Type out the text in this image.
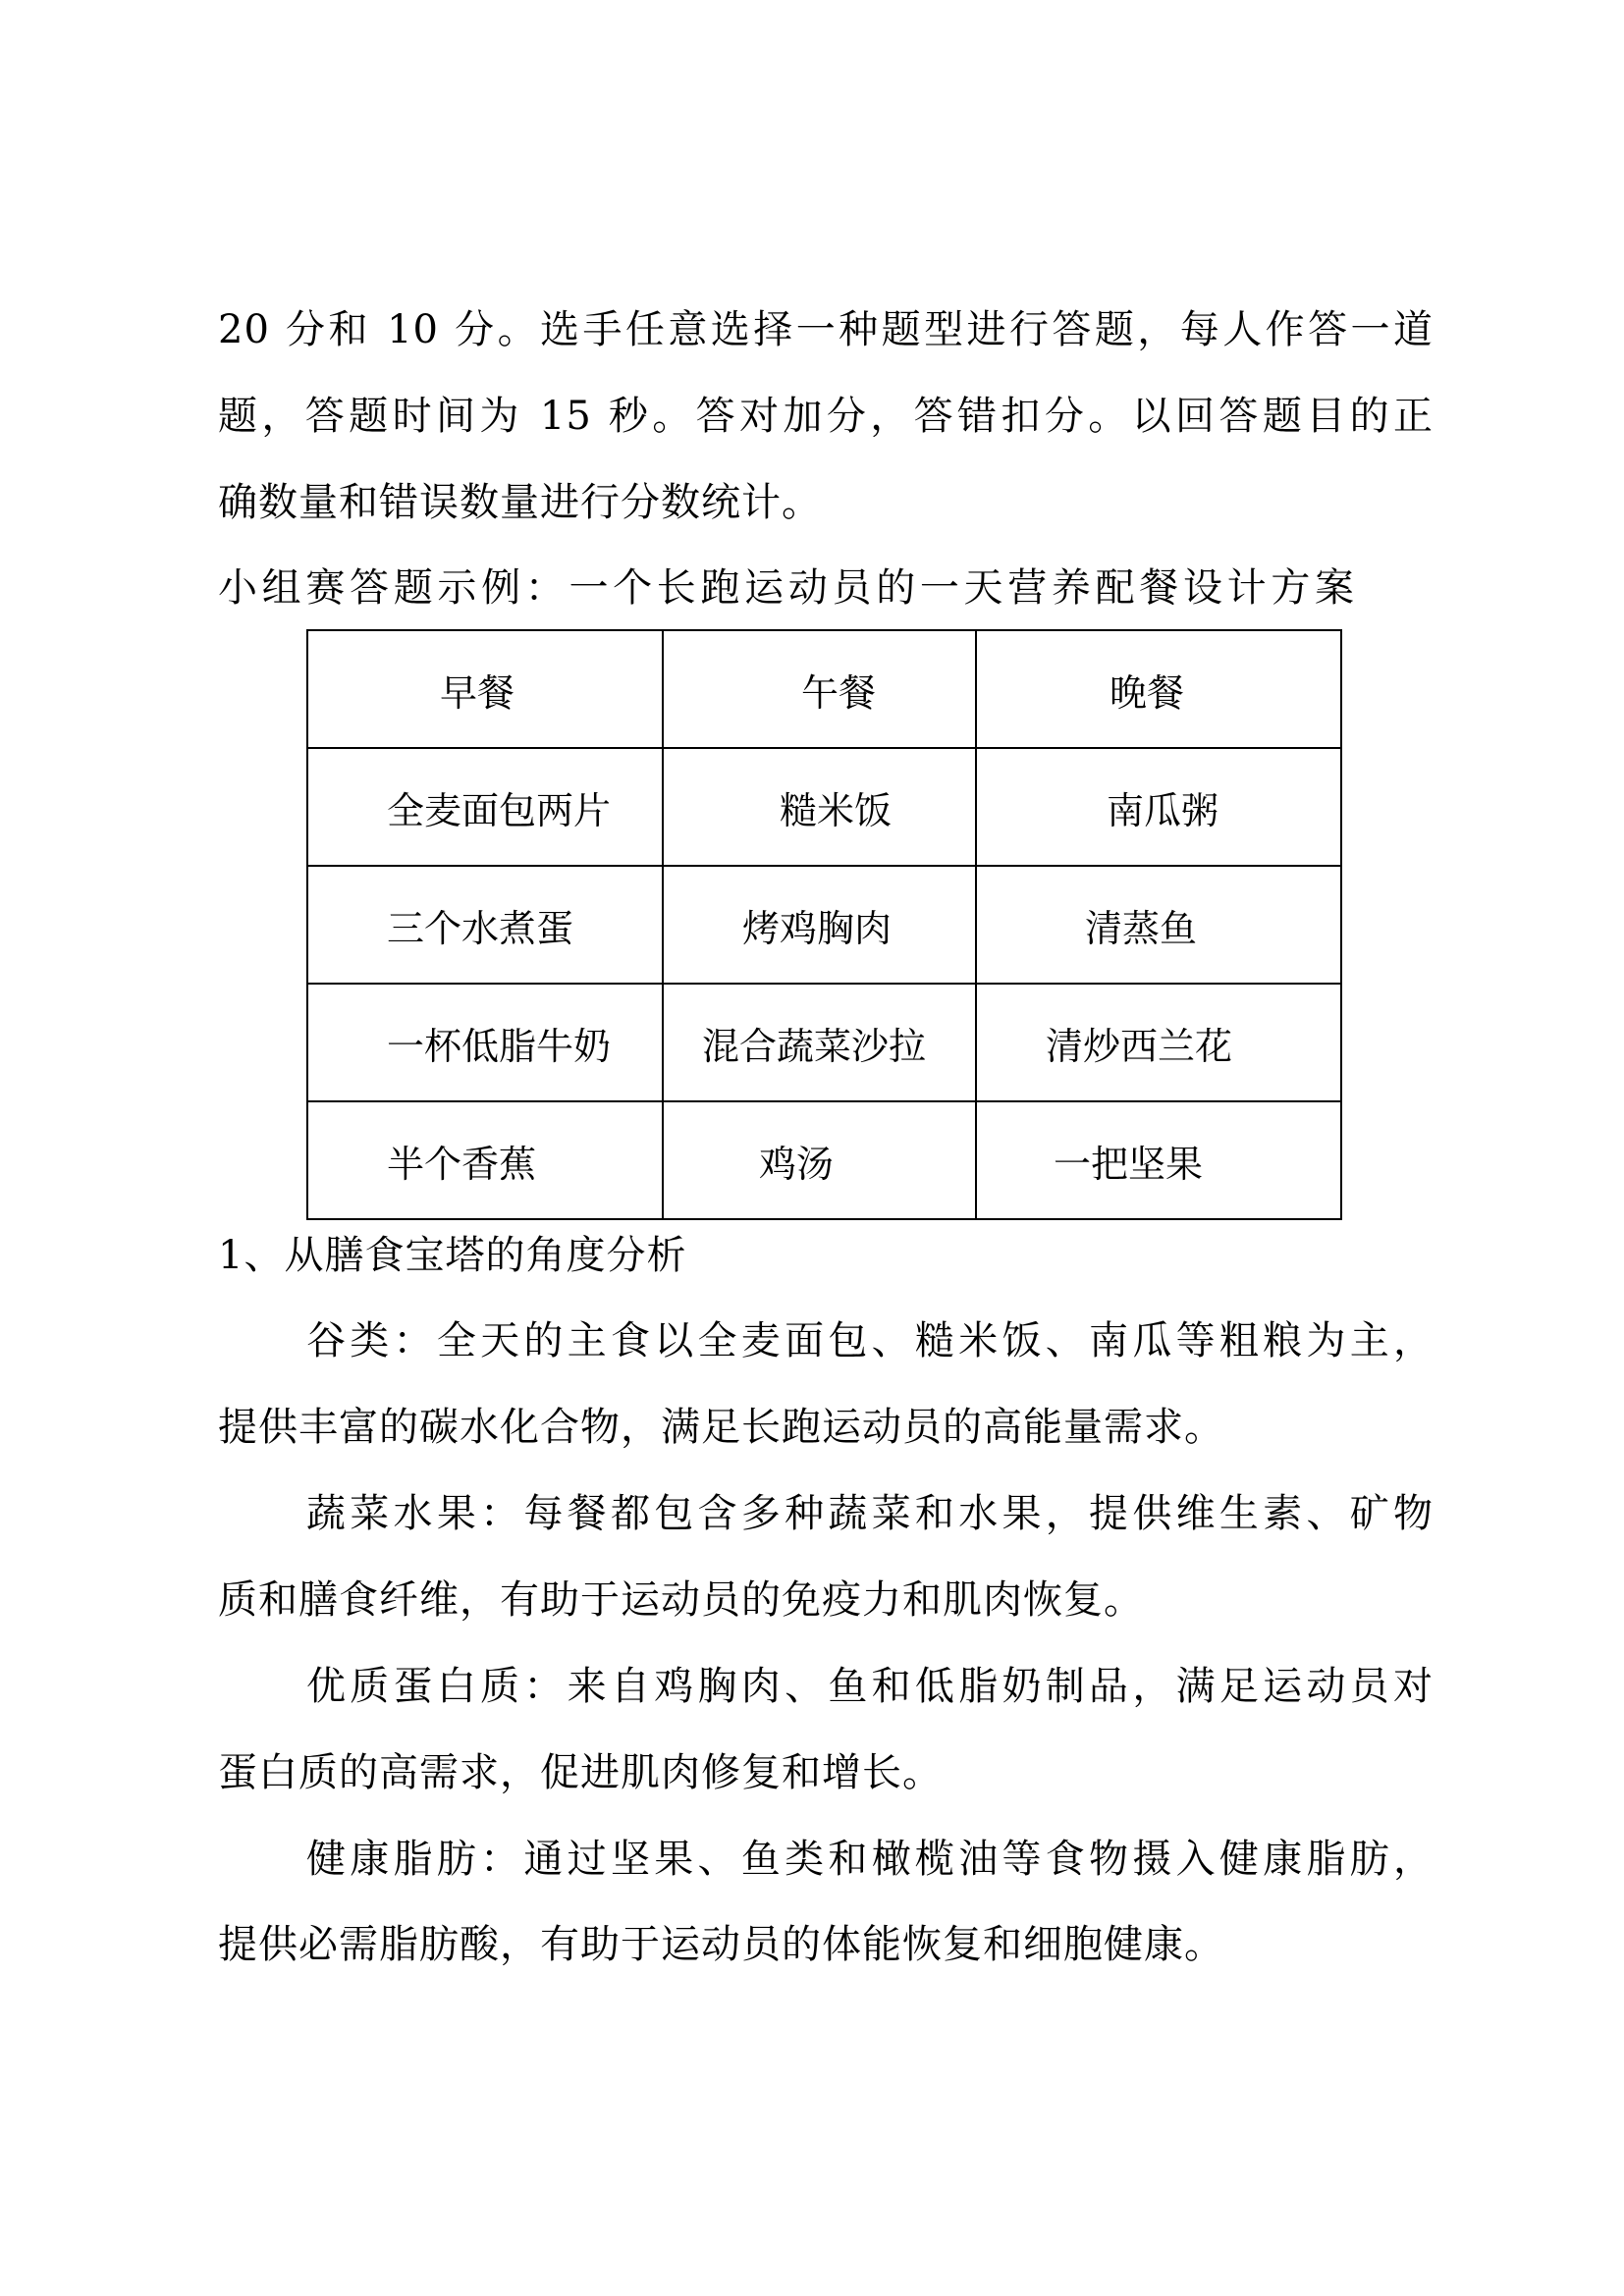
20 分和 10 分。选手任意选择一种题型进行答题，每人作答一道
题，答题时间为 15 秒。答对加分，答错扣分。以回答题目的正
确数量和错误数量进行分数统计。
小组赛答题示例：一个长跑运动员的一天营养配餐设计方案
早餐	午餐	晚餐

全麦面包两片	糙米饭	南瓜粥

三个水煮蛋	烤鸡胸肉	清蒸鱼

一杯低脂牛奶	混合蔬菜沙拉	清炒西兰花

半个香蕉	鸡汤	一把坚果
1、从膳食宝塔的角度分析
谷类：全天的主食以全麦面包、糙米饭、南瓜等粗粮为主，
提供丰富的碳水化合物，满足长跑运动员的高能量需求。
蔬菜水果：每餐都包含多种蔬菜和水果，提供维生素、矿物
质和膳食纤维，有助于运动员的免疫力和肌肉恢复。
优质蛋白质：来自鸡胸肉、鱼和低脂奶制品，满足运动员对
蛋白质的高需求，促进肌肉修复和增长。
健康脂肪：通过坚果、鱼类和橄榄油等食物摄入健康脂肪，
提供必需脂肪酸，有助于运动员的体能恢复和细胞健康。
